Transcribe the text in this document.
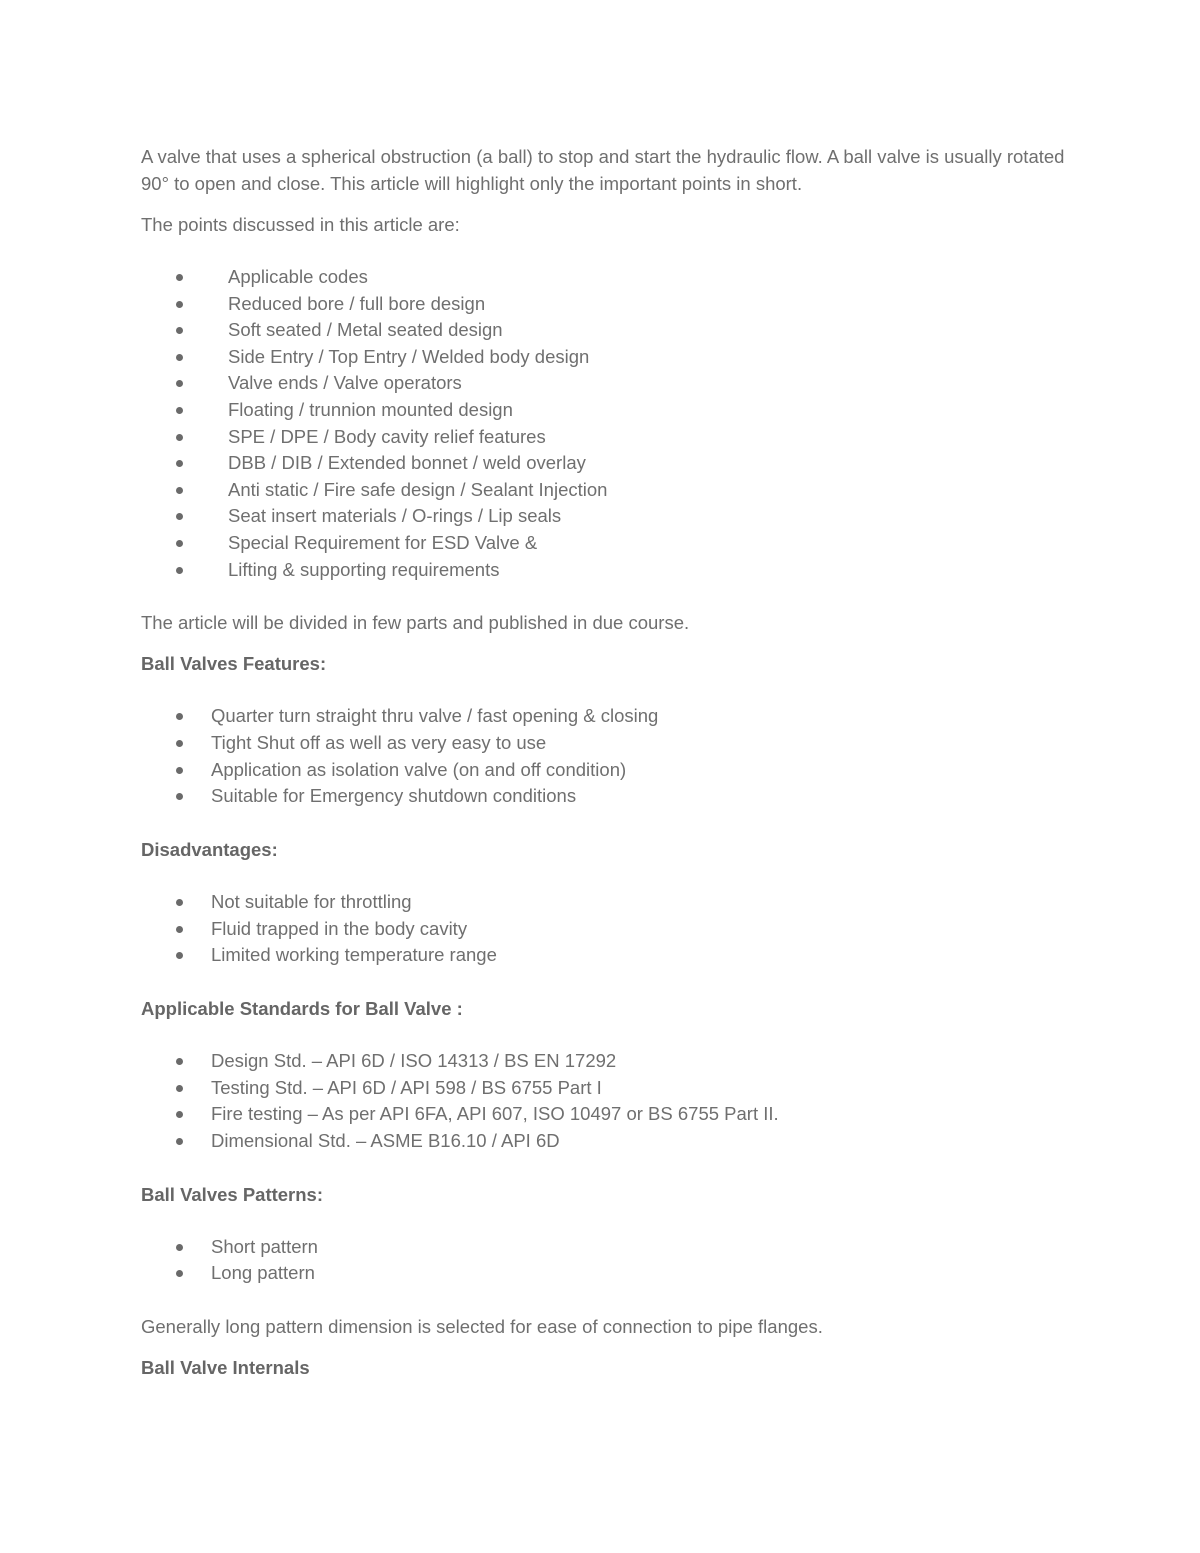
A valve that uses a spherical obstruction (a ball) to stop and start the hydraulic flow. A ball valve is usually rotated 90° to open and close. This article will highlight only the important points in short.

The points discussed in this article are:

Applicable codes
Reduced bore / full bore design
Soft seated / Metal seated design
Side Entry / Top Entry / Welded body design
Valve ends / Valve operators
Floating / trunnion mounted design
SPE / DPE / Body cavity relief features
DBB / DIB / Extended bonnet / weld overlay
Anti static / Fire safe design / Sealant Injection
Seat insert materials / O-rings / Lip seals
Special Requirement for ESD Valve &
Lifting & supporting requirements

The article will be divided in few parts and published in due course.

Ball Valves Features:

Quarter turn straight thru valve / fast opening & closing
Tight Shut off as well as very easy to use
Application as isolation valve (on and off condition)
Suitable for Emergency shutdown conditions

Disadvantages:

Not suitable for throttling
Fluid trapped in the body cavity
Limited working temperature range

Applicable Standards for Ball Valve :

Design Std. – API 6D / ISO 14313 / BS EN 17292
Testing Std. – API 6D / API 598 / BS 6755 Part I
Fire testing – As per API 6FA, API 607, ISO 10497 or BS 6755 Part II.
Dimensional Std. – ASME B16.10 / API 6D

Ball Valves Patterns:

Short pattern
Long pattern

Generally long pattern dimension is selected for ease of connection to pipe flanges.

Ball Valve Internals
